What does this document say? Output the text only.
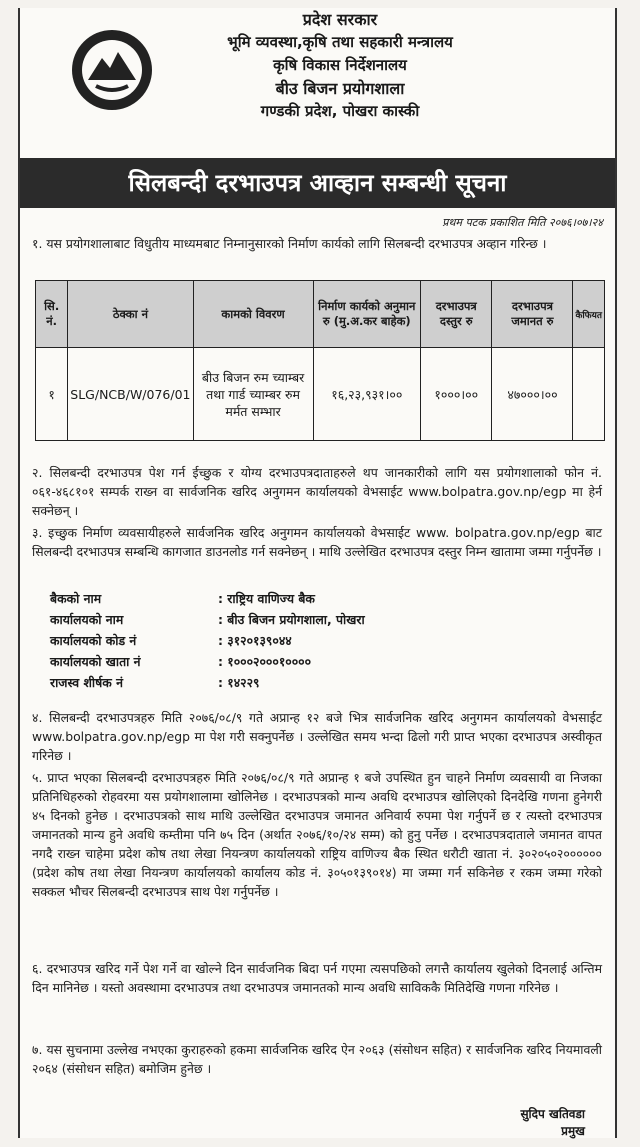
प्रदेश सरकार
भूमि व्यवस्था,कृषि तथा सहकारी मन्त्रालय
कृषि विकास निर्देशनालय
बीउ बिजन प्रयोगशाला
गण्डकी प्रदेश, पोखरा कास्की
सिलबन्दी दरभाउपत्र आव्हान सम्बन्धी सूचना
प्रथम पटक प्रकाशित मिति २०७६।०७।२४
१. यस प्रयोगशालाबाट विधुतीय माध्यमबाट निम्नानुसारको निर्माण कार्यको लागि सिलबन्दी दरभाउपत्र अव्हान गरिन्छ ।
सि. नं.	ठेक्का नं	कामको विवरण	निर्माण कार्यको अनुमान रु (मु.अ.कर बाहेक)	दरभाउपत्र दस्तुर रु	दरभाउपत्र जमानत रु	कैफियत
१	SLG/NCB/W/076/01	बीउ बिजन रुम च्याम्बर तथा गार्ड च्याम्बर रुम मर्मत सम्भार	१६,२३,९३१।००	१०००।००	४७०००।००	
२. सिलबन्दी दरभाउपत्र पेश गर्न ईच्छुक र योग्य दरभाउपत्रदाताहरुले थप जानकारीको लागि यस प्रयोगशालाको फोन नं. ०६१-४६८१०१ सम्पर्क राख्न वा सार्वजनिक खरिद अनुगमन कार्यालयको वेभसाईट www.bolpatra.gov.np/egp मा हेर्न सक्नेछन् ।
३. इच्छुक निर्माण व्यवसायीहरुले सार्वजनिक खरिद अनुगमन कार्यालयको वेभसाईट www. bolpatra.gov.np/egp बाट सिलबन्दी दरभाउपत्र सम्बन्धि कागजात डाउनलोड गर्न सक्नेछन् । माथि उल्लेखित दरभाउपत्र दस्तुर निम्न खातामा जम्मा गर्नुपर्नेछ ।
बैकको नाम	: राष्ट्रिय वाणिज्य बैक
कार्यालयको नाम	: बीउ बिजन प्रयोगशाला, पोखरा
कार्यालयको कोड नं	: ३१२०१३९०४४
कार्यालयको खाता नं	: १०००२०००१००००
राजस्व शीर्षक नं	: १४२२९
४. सिलबन्दी दरभाउपत्रहरु मिति २०७६/०८/९ गते अप्रान्ह १२ बजे भित्र सार्वजनिक खरिद अनुगमन कार्यालयको वेभसाईट www.bolpatra.gov.np/egp मा पेश गरी सक्नुपर्नेछ । उल्लेखित समय भन्दा ढिलो गरी प्राप्त भएका दरभाउपत्र अस्वीकृत गरिनेछ ।
५. प्राप्त भएका सिलबन्दी दरभाउपत्रहरु मिति २०७६/०८/९ गते अप्रान्ह १ बजे उपस्थित हुन चाहने निर्माण व्यवसायी वा निजका प्रतिनिधिहरुको रोहवरमा यस प्रयोगशालामा खोलिनेछ । दरभाउपत्रको मान्य अवधि दरभाउपत्र खोलिएको दिनदेखि गणना हुनेगरी ४५ दिनको हुनेछ । दरभाउपत्रको साथ माथि उल्लेखित दरभाउपत्र जमानत अनिवार्य रुपमा पेश गर्नुपर्ने छ र त्यस्तो दरभाउपत्र जमानतको मान्य हुने अवधि कम्तीमा पनि ७५ दिन (अर्थात २०७६/१०/२४ सम्म) को हुनु पर्नेछ । दरभाउपत्रदाताले जमानत वापत नगदै राख्न चाहेमा प्रदेश कोष तथा लेखा नियन्त्रण कार्यालयको राष्ट्रिय वाणिज्य बैक स्थित धरौटी खाता नं. ३०२०५०२०००००० (प्रदेश कोष तथा लेखा नियन्त्रण कार्यालयको कार्यालय कोड नं. ३०५०१३९०१४) मा जम्मा गर्न सकिनेछ र रकम जम्मा गरेको सक्कल भौचर सिलबन्दी दरभाउपत्र साथ पेश गर्नुपर्नेछ ।
६. दरभाउपत्र खरिद गर्ने पेश गर्ने वा खोल्ने दिन सार्वजनिक बिदा पर्न गएमा त्यसपछिको लगत्तै कार्यालय खुलेको दिनलाई अन्तिम दिन मानिनेछ । यस्तो अवस्थामा दरभाउपत्र तथा दरभाउपत्र जमानतको मान्य अवधि साविककै मितिदेखि गणना गरिनेछ ।
७. यस सुचनामा उल्लेख नभएका कुराहरुको हकमा सार्वजनिक खरिद ऐन २०६३ (संसोधन सहित) र सार्वजनिक खरिद नियमावली २०६४ (संसोधन सहित) बमोजिम हुनेछ ।
सुदिप खतिवडा
प्रमुख
